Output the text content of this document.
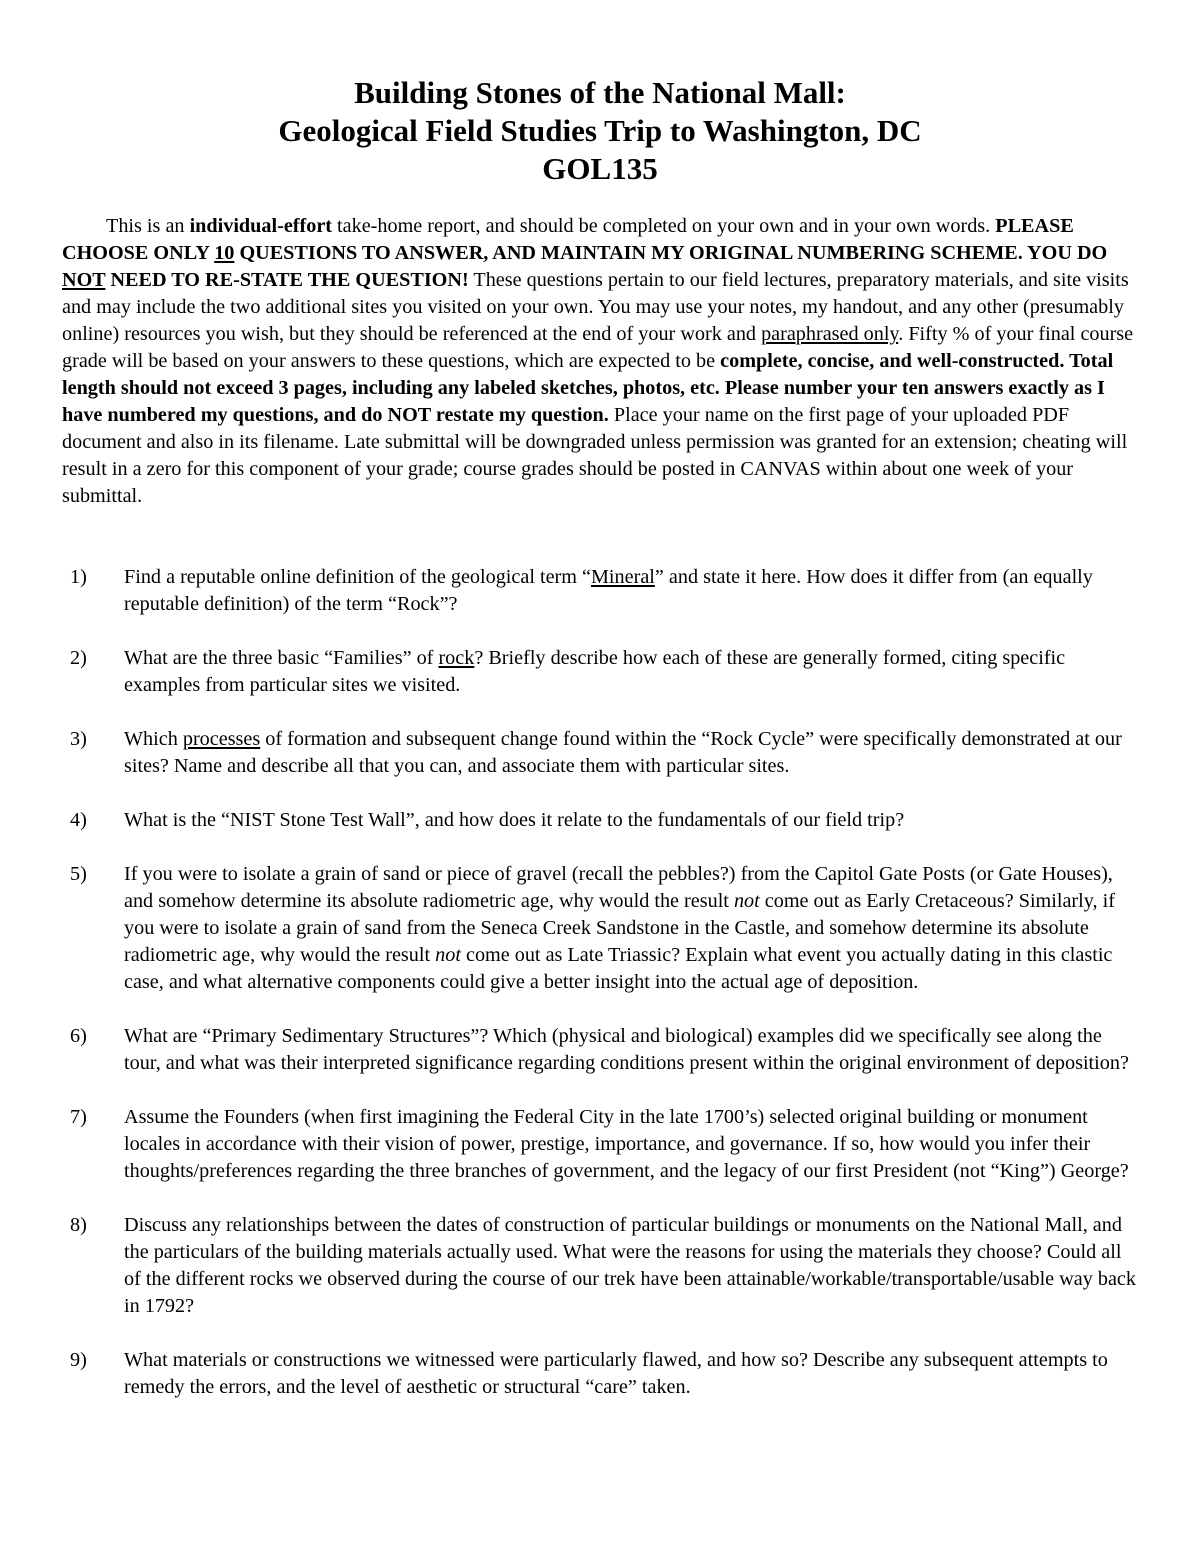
Building Stones of the National Mall:
Geological Field Studies Trip to Washington, DC
GOL135

This is an individual-effort take-home report, and should be completed on your own and in your own words. PLEASE CHOOSE ONLY 10 QUESTIONS TO ANSWER, AND MAINTAIN MY ORIGINAL NUMBERING SCHEME. YOU DO NOT NEED TO RE-STATE THE QUESTION! These questions pertain to our field lectures, preparatory materials, and site visits and may include the two additional sites you visited on your own. You may use your notes, my handout, and any other (presumably online) resources you wish, but they should be referenced at the end of your work and paraphrased only. Fifty % of your final course grade will be based on your answers to these questions, which are expected to be complete, concise, and well-constructed. Total length should not exceed 3 pages, including any labeled sketches, photos, etc. Please number your ten answers exactly as I have numbered my questions, and do NOT restate my question. Place your name on the first page of your uploaded PDF document and also in its filename. Late submittal will be downgraded unless permission was granted for an extension; cheating will result in a zero for this component of your grade; course grades should be posted in CANVAS within about one week of your submittal.

1) Find a reputable online definition of the geological term “Mineral” and state it here. How does it differ from (an equally reputable definition) of the term “Rock”?
2) What are the three basic “Families” of rock? Briefly describe how each of these are generally formed, citing specific examples from particular sites we visited.
3) Which processes of formation and subsequent change found within the “Rock Cycle” were specifically demonstrated at our sites? Name and describe all that you can, and associate them with particular sites.
4) What is the “NIST Stone Test Wall”, and how does it relate to the fundamentals of our field trip?
5) If you were to isolate a grain of sand or piece of gravel (recall the pebbles?) from the Capitol Gate Posts (or Gate Houses), and somehow determine its absolute radiometric age, why would the result not come out as Early Cretaceous? Similarly, if you were to isolate a grain of sand from the Seneca Creek Sandstone in the Castle, and somehow determine its absolute radiometric age, why would the result not come out as Late Triassic? Explain what event you actually dating in this clastic case, and what alternative components could give a better insight into the actual age of deposition.
6) What are “Primary Sedimentary Structures”? Which (physical and biological) examples did we specifically see along the tour, and what was their interpreted significance regarding conditions present within the original environment of deposition?
7) Assume the Founders (when first imagining the Federal City in the late 1700’s) selected original building or monument locales in accordance with their vision of power, prestige, importance, and governance. If so, how would you infer their thoughts/preferences regarding the three branches of government, and the legacy of our first President (not “King”) George?
8) Discuss any relationships between the dates of construction of particular buildings or monuments on the National Mall, and the particulars of the building materials actually used. What were the reasons for using the materials they choose? Could all of the different rocks we observed during the course of our trek have been attainable/workable/transportable/usable way back in 1792?
9) What materials or constructions we witnessed were particularly flawed, and how so? Describe any subsequent attempts to remedy the errors, and the level of aesthetic or structural “care” taken.
